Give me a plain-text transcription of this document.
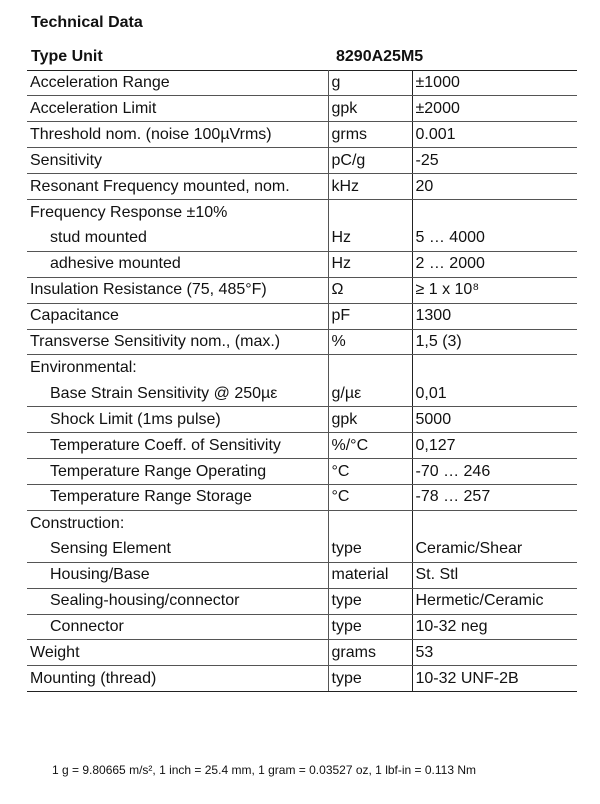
Technical Data
Type Unit	8290A25M5
Acceleration Range	g	±1000
Acceleration Limit	gpk	±2000
Threshold nom. (noise 100µVrms)	grms	0.001
Sensitivity	pC/g	-25
Resonant Frequency mounted, nom.	kHz	20
Frequency Response ±10%		
stud mounted	Hz	5 … 4000
adhesive mounted	Hz	2 … 2000
Insulation Resistance (75, 485°F)	Ω	≥ 1 x 10⁸
Capacitance	pF	1300
Transverse Sensitivity nom., (max.)	%	1,5 (3)
Environmental:		
Base Strain Sensitivity @ 250µε	g/µε	0,01
Shock Limit (1ms pulse)	gpk	5000
Temperature Coeff. of Sensitivity	%/°C	0,127
Temperature Range Operating	°C	-70 … 246
Temperature Range Storage	°C	-78 … 257
Construction:		
Sensing Element	type	Ceramic/Shear
Housing/Base	material	St. Stl
Sealing-housing/connector	type	Hermetic/Ceramic
Connector	type	10-32 neg
Weight	grams	53
Mounting (thread)	type	10-32 UNF-2B
1 g = 9.80665 m/s², 1 inch = 25.4 mm, 1 gram = 0.03527 oz, 1 lbf-in = 0.113 Nm
